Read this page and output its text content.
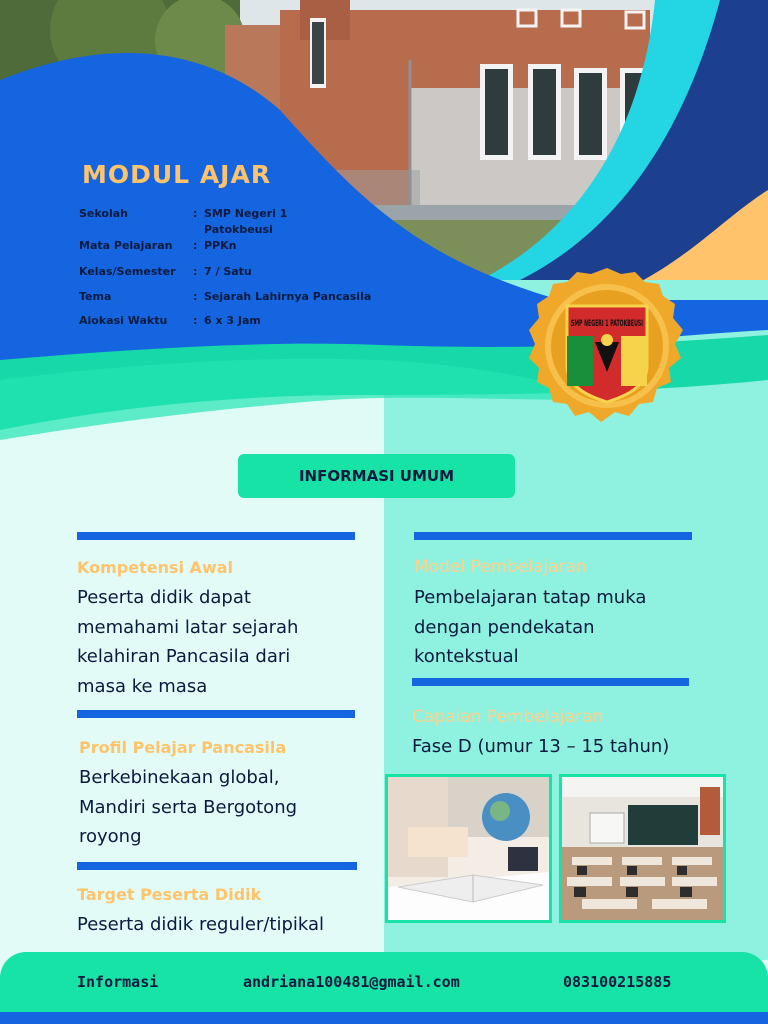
SMP NEGERI 1 PATOKBEUSI
MODUL AJAR
Sekolah	: SMP Negeri 1 Patokbeusi
Mata Pelajaran	: PPKn
Kelas/Semester	: 7 / Satu
Tema	: Sejarah Lahirnya Pancasila
Alokasi Waktu	: 6 x 3 Jam
INFORMASI UMUM
Kompetensi Awal
Peserta didik dapat
memahami latar sejarah
kelahiran Pancasila dari
masa ke masa
Profil Pelajar Pancasila
Berkebinekaan global,
Mandiri serta Bergotong
royong
Target Peserta Didik
Peserta didik reguler/tipikal
Model Pembelajaran
Pembelajaran tatap muka
dengan pendekatan
kontekstual
Capaian Pembelajaran
Fase D (umur 13 – 15 tahun)
Informasi	andriana100481@gmail.com	083100215885
